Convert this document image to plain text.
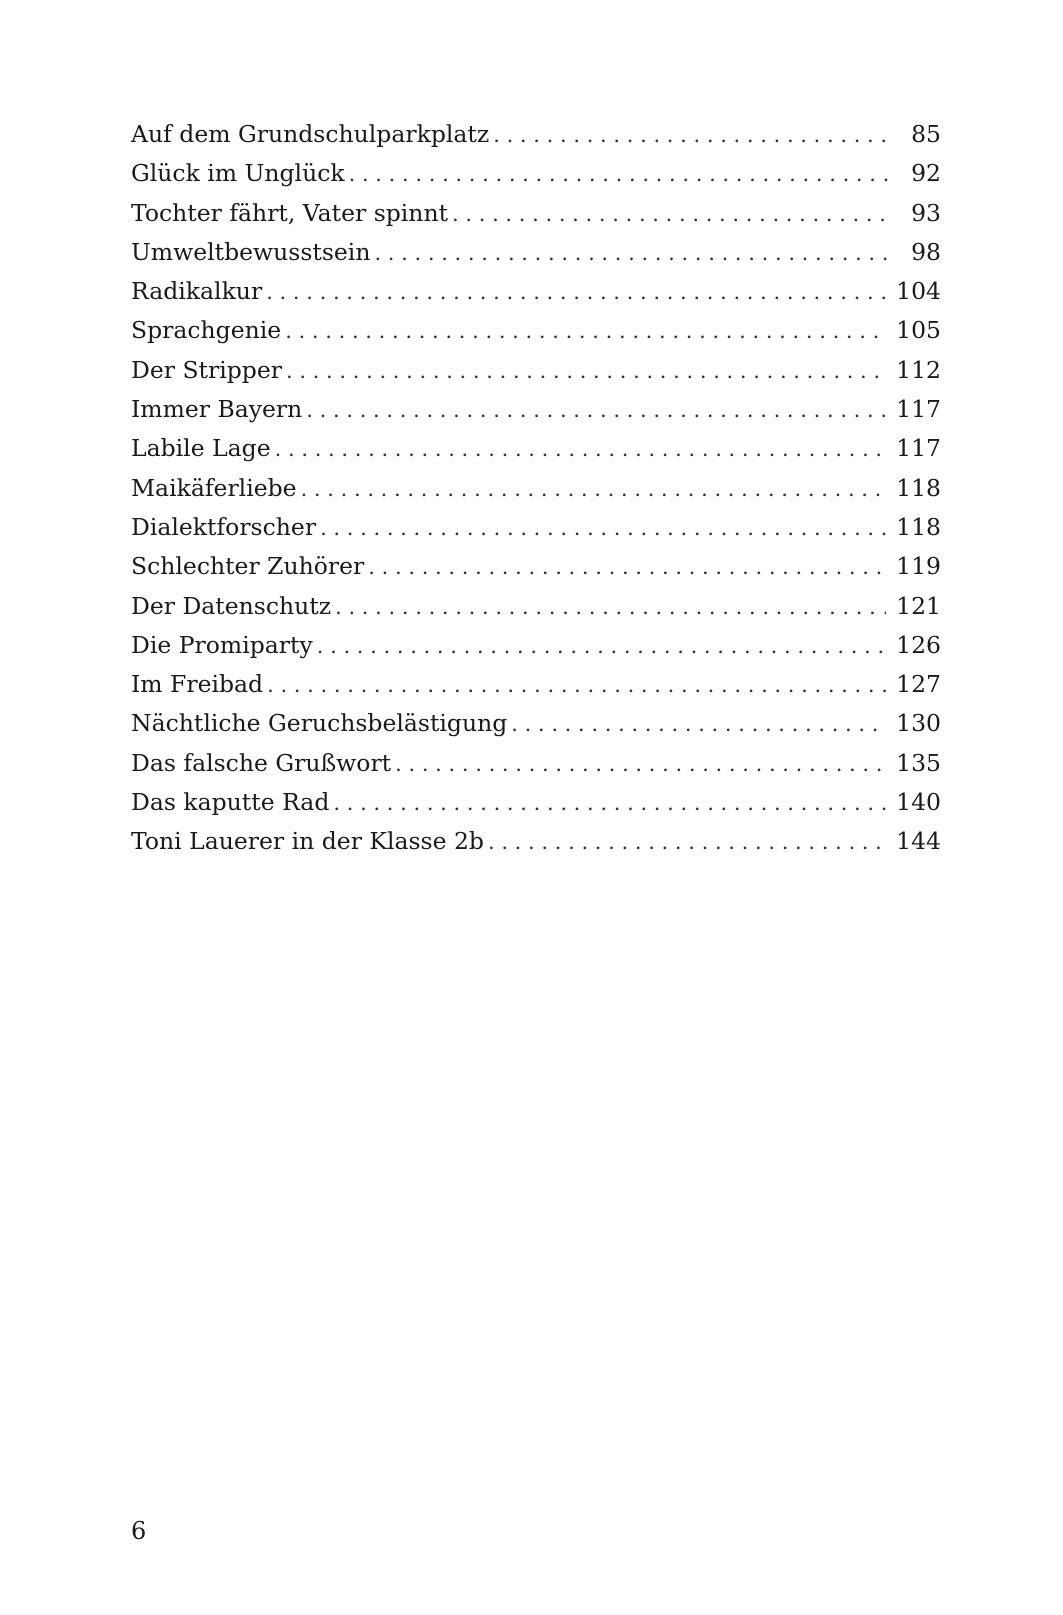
Auf dem Grundschulparkplatz . . .	85
Glück im Unglück . . .	92
Tochter fährt, Vater spinnt . . .	93
Umweltbewusstsein . . .	98
Radikalkur . . .	104
Sprachgenie . . .	105
Der Stripper . . .	112
Immer Bayern . . .	117
Labile Lage . . .	117
Maikäferliebe . . .	118
Dialektforscher . . .	118
Schlechter Zuhörer . . .	119
Der Datenschutz . . .	121
Die Promiparty . . .	126
Im Freibad . . .	127
Nächtliche Geruchsbelästigung . . .	130
Das falsche Grußwort . . .	135
Das kaputte Rad . . .	140
Toni Lauerer in der Klasse 2b . . .	144
6
